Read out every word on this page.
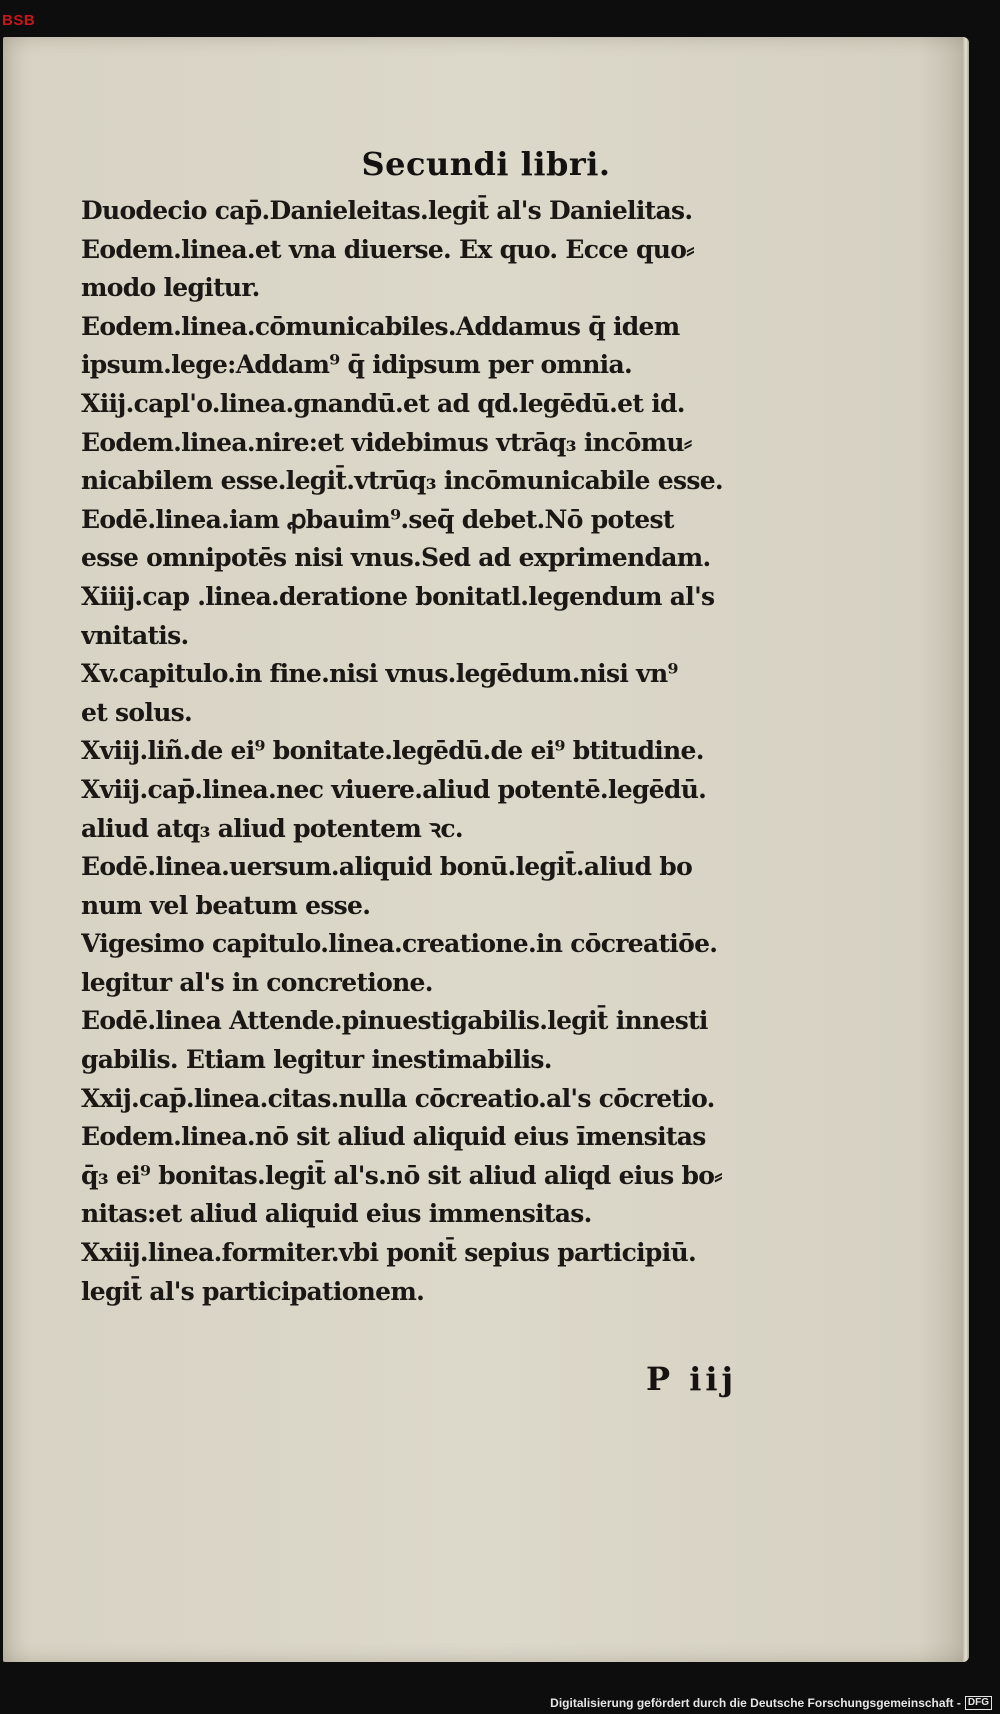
BSB
Secundi libri.
Duodecio cap̄.Danieleitas.legit̄ al's Danielitas.
Eodem.linea.et vna diuerse. Ex quo. Ecce quo⸗
modo legitur.
Eodem.linea.cōmunicabiles.Addamus q̄ idem
ipsum.lege:Addam⁹ q̄ idipsum per omnia.
Xiij.capl'o.linea.gnandū.et ad qd.legēdū.et id.
Eodem.linea.nire:et videbimus vtrāq₃ incōmu⸗
nicabilem esse.legit̄.vtrūq₃ incōmunicabile esse.
Eodē.linea.iam ꝓbauim⁹.seq̄ debet.Nō potest
esse omnipotēs nisi vnus.Sed ad exprimendam.
Xiiij.cap .linea.deratione bonitatl.legendum al's
vnitatis.
Xv.capitulo.in fine.nisi vnus.legēdum.nisi vn⁹
et solus.
Xviij.liñ.de ei⁹ bonitate.legēdū.de ei⁹ btitudine.
Xviij.cap̄.linea.nec viuere.aliud potentē.legēdū.
aliud atq₃ aliud potentem ꝛc.
Eodē.linea.uersum.aliquid bonū.legit̄.aliud bo
num vel beatum esse.
Vigesimo capitulo.linea.creatione.in cōcreatiōe.
legitur al's in concretione.
Eodē.linea Attende.pinuestigabilis.legit̄ innesti
gabilis. Etiam legitur inestimabilis.
Xxij.cap̄.linea.citas.nulla cōcreatio.al's cōcretio.
Eodem.linea.nō sit aliud aliquid eius īmensitas
q̄₃ ei⁹ bonitas.legit̄ al's.nō sit aliud aliqd eius bo⸗
nitas:et aliud aliquid eius immensitas.
Xxiij.linea.formiter.vbi ponit̄ sepius participiū.
legit̄ al's participationem.
P iij
Digitalisierung gefördert durch die Deutsche Forschungsgemeinschaft - DFG
